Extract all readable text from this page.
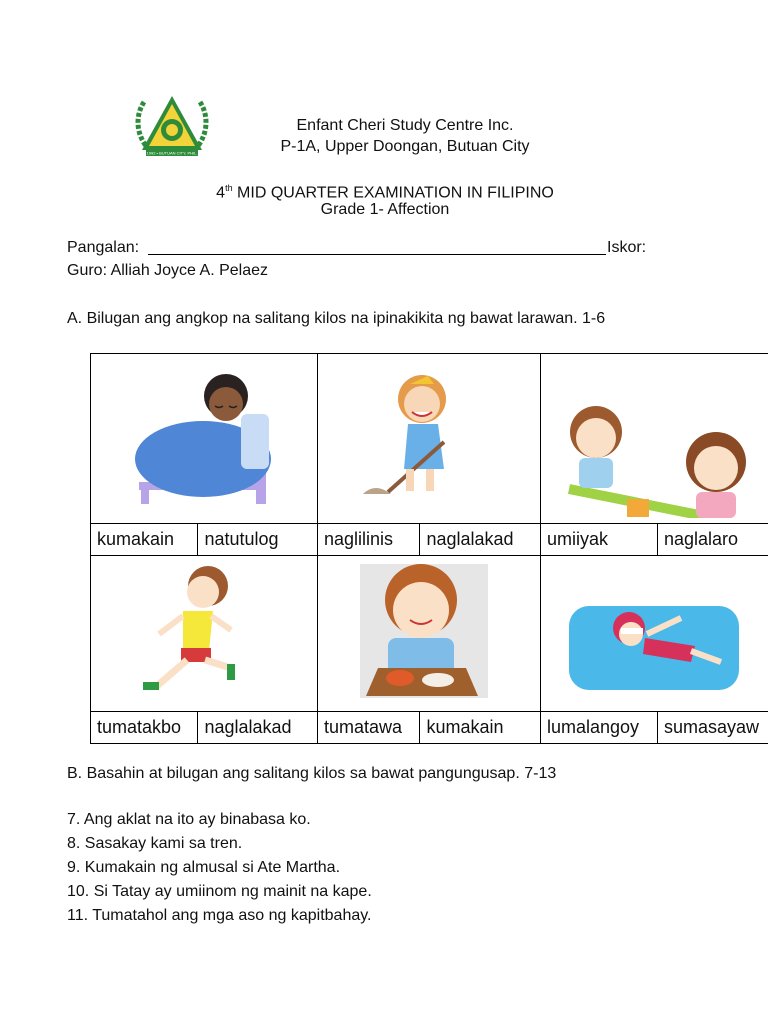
1992 • BUTUAN CITY, PHIL.
Enfant Cheri Study Centre Inc.
P-1A, Upper Doongan, Butuan City
4th MID QUARTER EXAMINATION IN FILIPINO
Grade 1- Affection
Pangalan:	Iskor:
Guro: Alliah Joyce A. Pelaez
A. Bilugan ang angkop na salitang kilos na ipinakikita ng bawat larawan. 1-6

kumakain	natutulog	naglilinis	naglalakad	umiiyak	naglalaro

tumatakbo	naglalakad	tumatawa	kumakain	lumalangoy	sumasayaw
B. Basahin at bilugan ang salitang kilos sa bawat pangungusap. 7-13
7. Ang aklat na ito ay binabasa ko.
8. Sasakay kami sa tren.
9. Kumakain ng almusal si Ate Martha.
10. Si Tatay ay umiinom ng mainit na kape.
11. Tumatahol ang mga aso ng kapitbahay.
